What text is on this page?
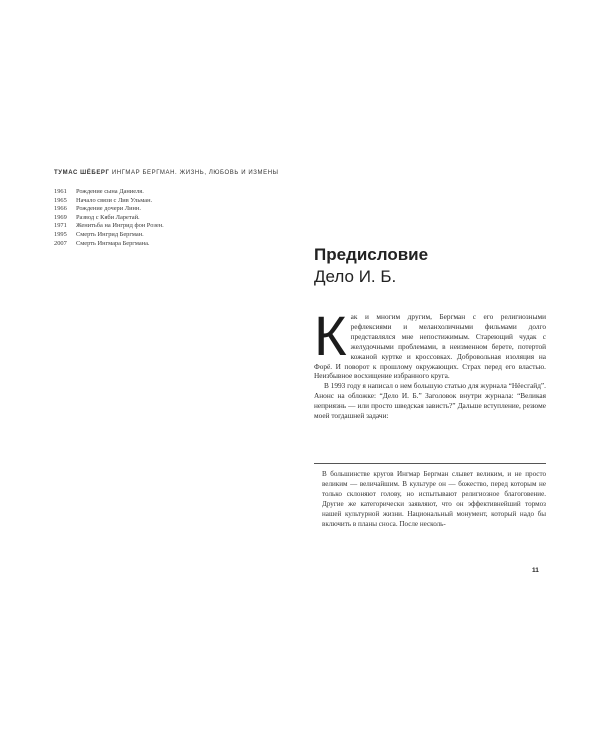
ТУМАС ШЁБЕРГ ИНГМАР БЕРГМАН. ЖИЗНЬ, ЛЮБОВЬ И ИЗМЕНЫ
1961	Рождение сына Даниеля.
1965	Начало связи с Лив Ульман.
1966	Рождение дочери Линн.
1969	Развод с Кяби Ларетай.
1971	Женитьба на Ингрид фон Розен.
1995	Смерть Ингрид Бергман.
2007	Смерть Ингмара Бергмана.
Предисловие
Дело И. Б.
К ак и многим другим, Бергман с его религиозными рефлексиями и меланхоличными фильмами долго представлялся мне непостижимым. Стареющий чудак с желудочными проблемами, в неизменном берете, потертой кожаной куртке и кроссовках. Добровольная изоляция на Форё. И поворот к прошлому окружающих. Страх перед его властью. Неизбывное восхищение избранного круга.

В 1993 году я написал о нем большую статью для журнала “Нёесгайд”. Анонс на обложке: “Дело И. Б.” Заголовок внутри журнала: “Великая неприязнь — или просто шведская зависть?” Дальше вступление, резюме моей тогдашней задачи:

В большинстве кругов Ингмар Бергман слывет великим, и не просто великим — величайшим. В культуре он — божество, перед которым не только склоняют голову, но испытывают религиозное благоговение. Другие же категорически заявляют, что он эффективнейший тормоз нашей культурной жизни. Национальный монумент, который надо бы включить в планы сноса. После несколь-

11
